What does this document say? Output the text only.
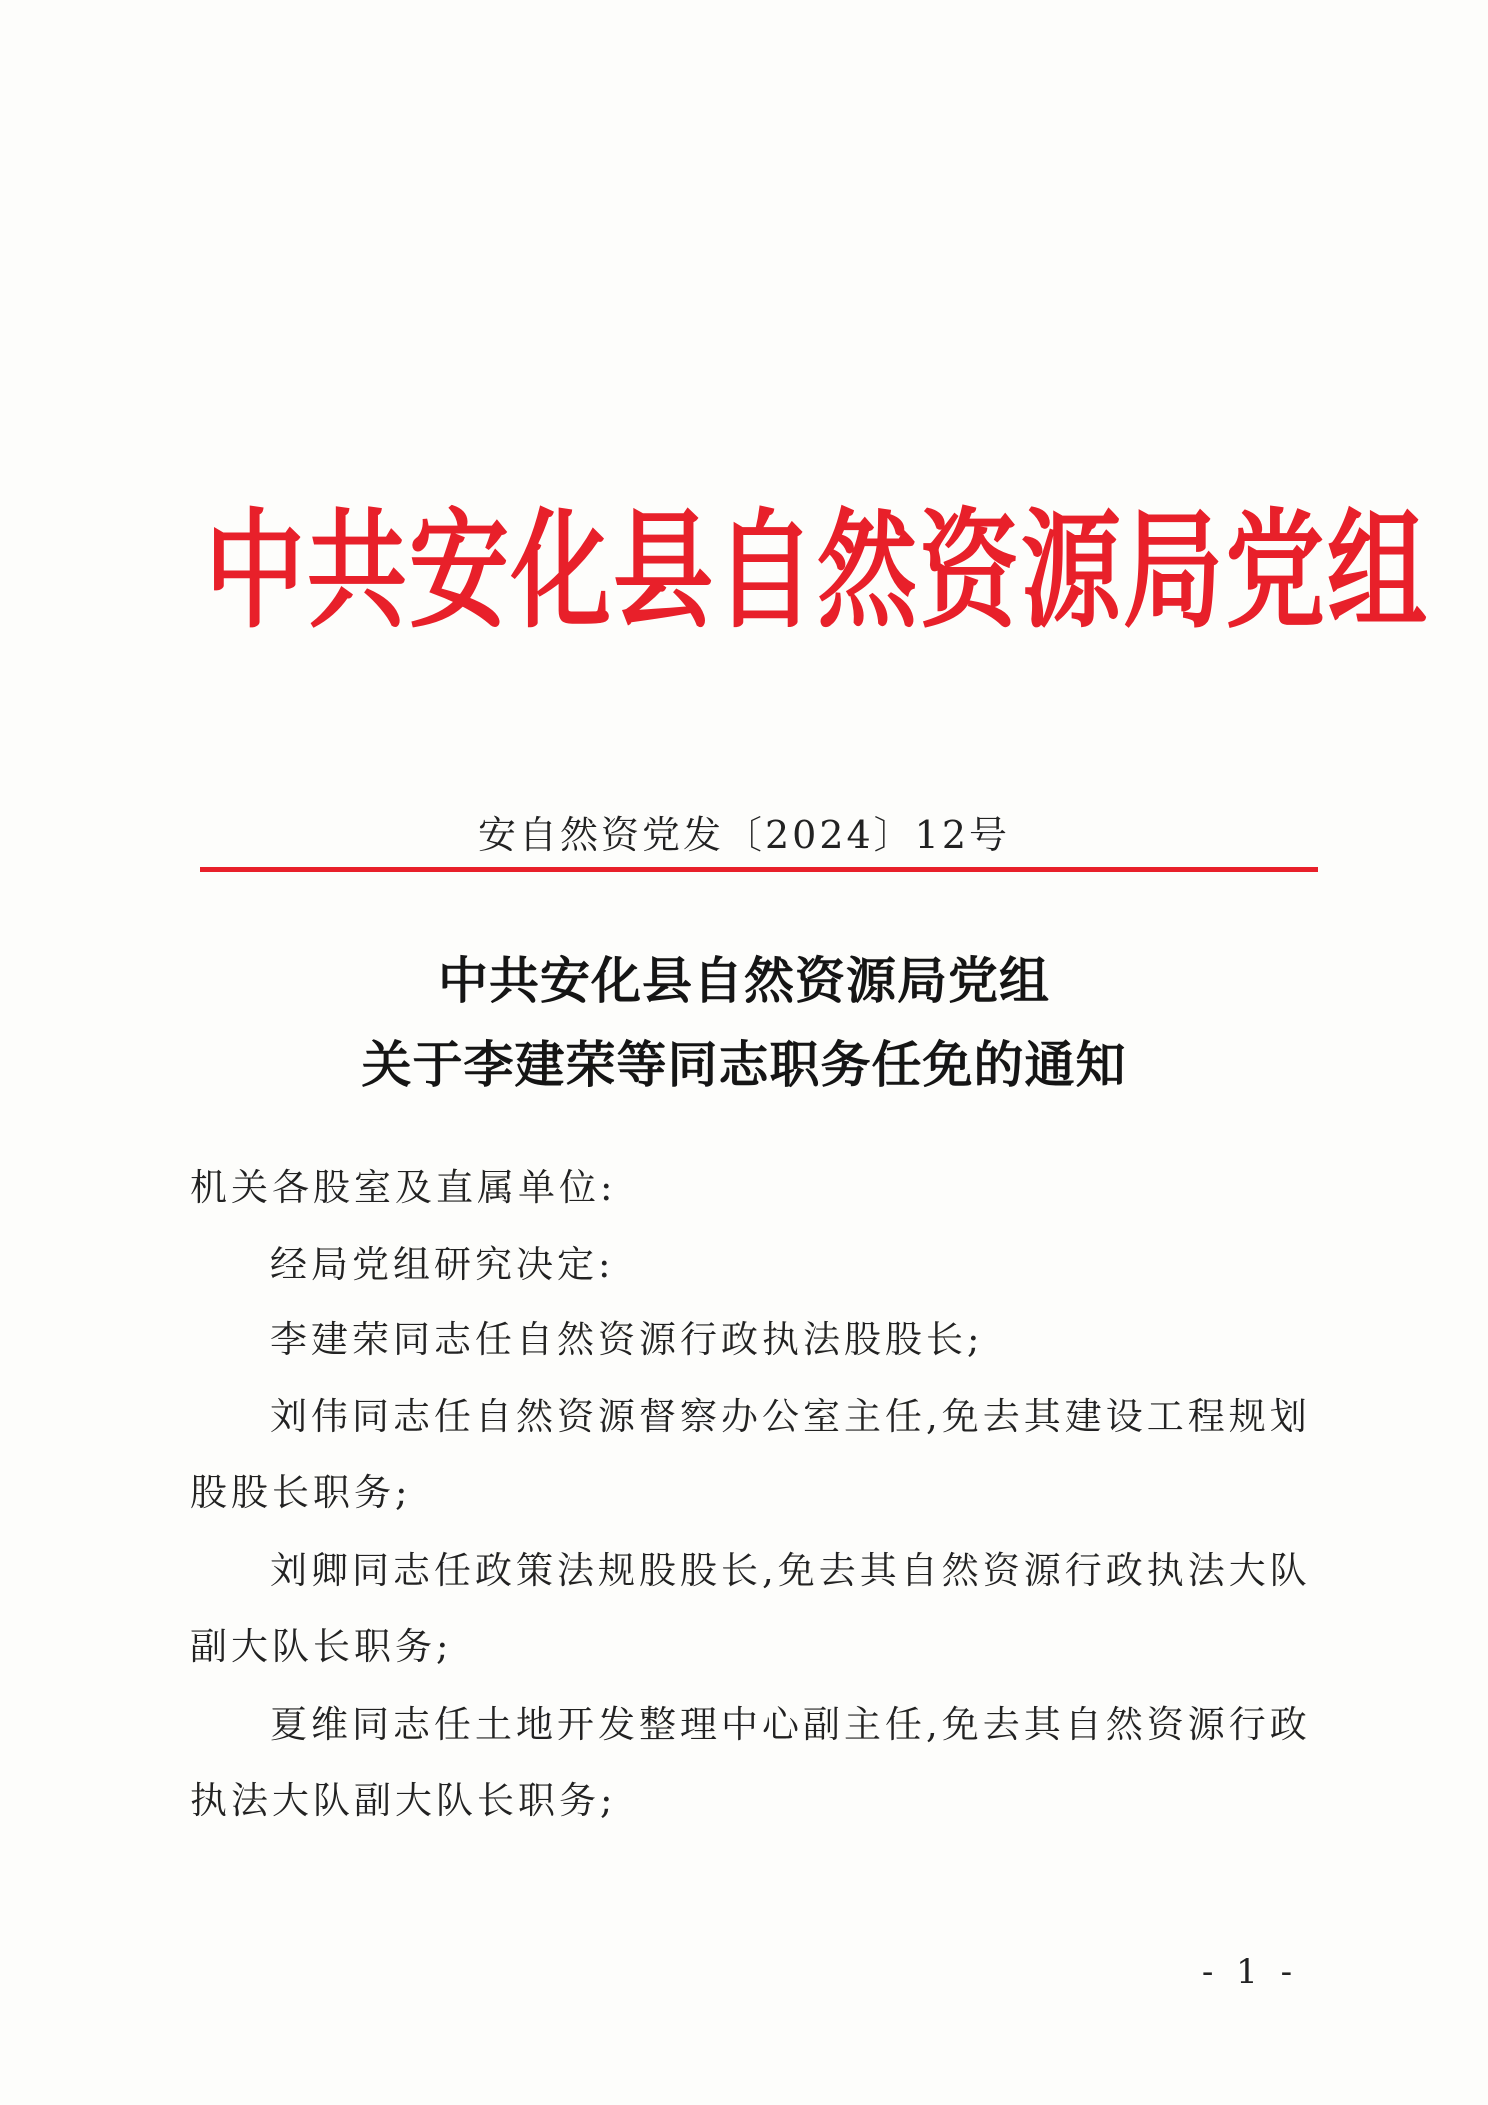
中共安化县自然资源局党组
安自然资党发〔2024〕12号
中共安化县自然资源局党组
关于李建荣等同志职务任免的通知
机关各股室及直属单位:
经局党组研究决定:
李建荣同志任自然资源行政执法股股长;
刘伟同志任自然资源督察办公室主任,免去其建设工程规划
股股长职务;
刘卿同志任政策法规股股长,免去其自然资源行政执法大队
副大队长职务;
夏维同志任土地开发整理中心副主任,免去其自然资源行政
执法大队副大队长职务;
- 1 -
